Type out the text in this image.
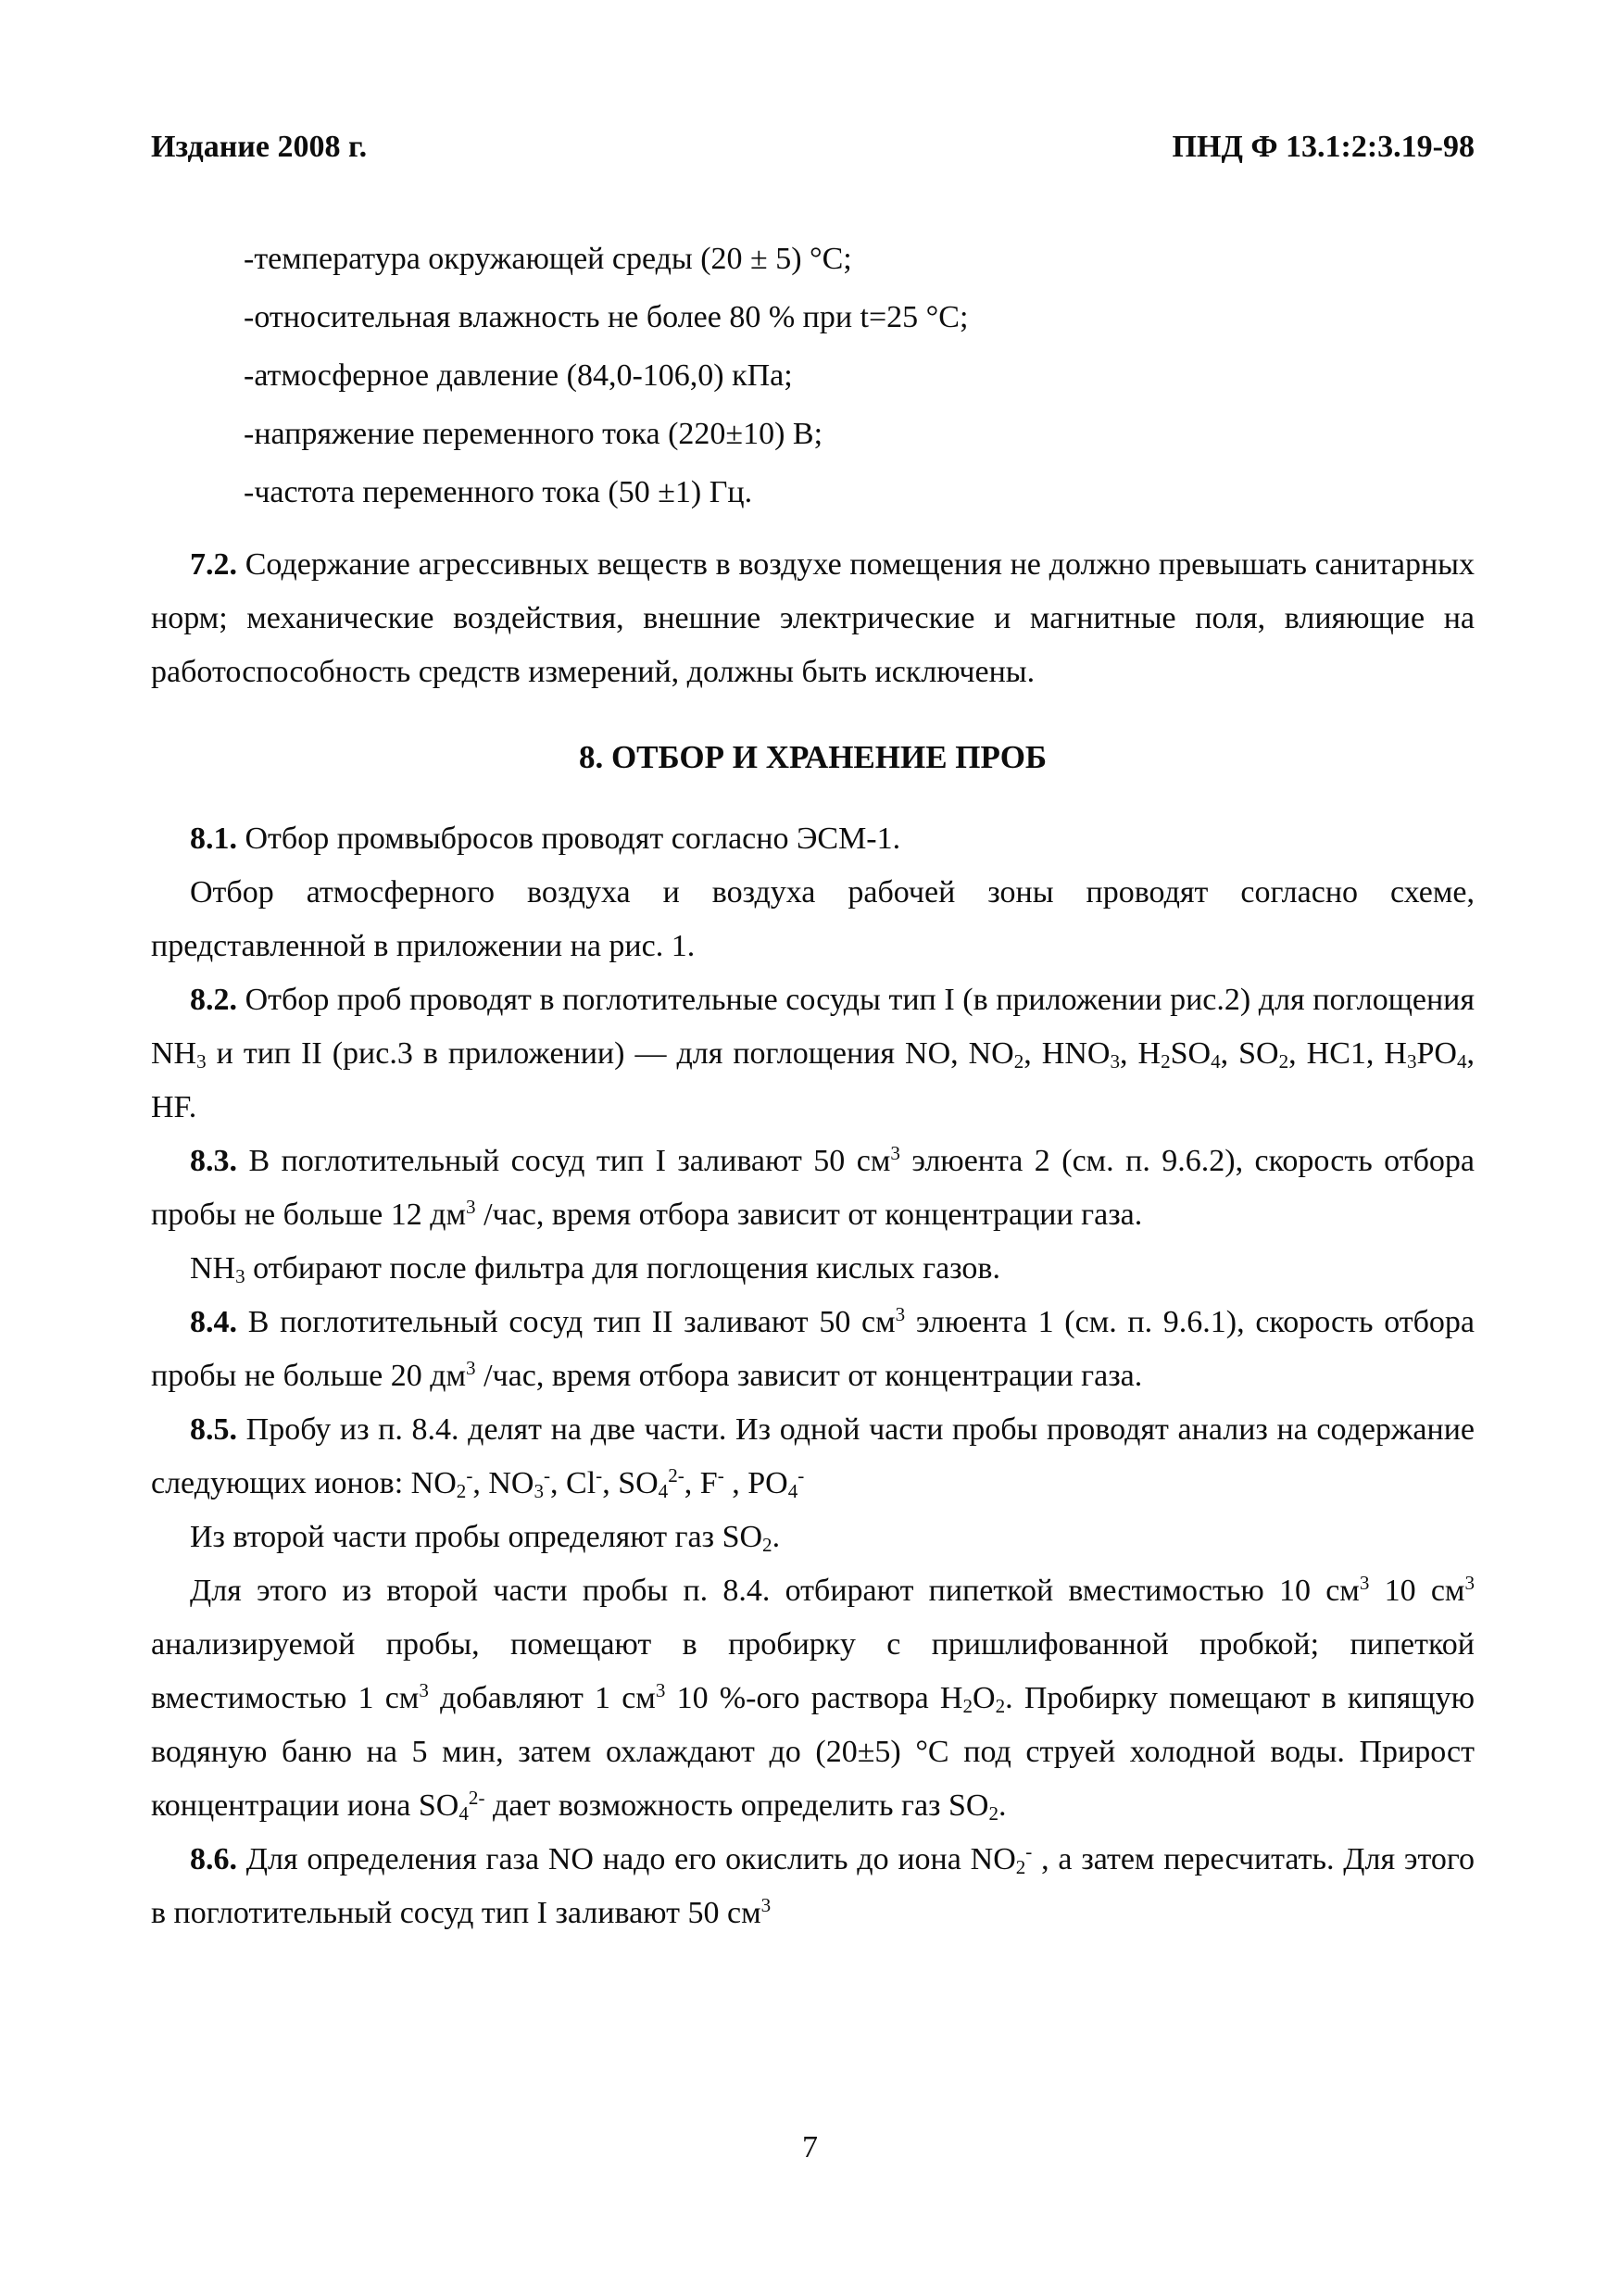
Издание 2008 г.	ПНД Ф 13.1:2:3.19-98

-температура окружающей среды (20 ± 5) °С;

-относительная влажность не более 80 % при t=25 °С;

-атмосферное давление (84,0-106,0) кПа;

-напряжение переменного тока (220±10) В;

-частота переменного тока (50 ±1) Гц.

7.2. Содержание агрессивных веществ в воздухе помещения не должно превышать санитарных норм; механические воздействия, внешние электрические и магнитные поля, влияющие на работоспособность средств измерений, должны быть исключены.

8. ОТБОР И ХРАНЕНИЕ ПРОБ

8.1. Отбор промвыбросов проводят согласно ЭСМ-1.

Отбор атмосферного воздуха и воздуха рабочей зоны проводят согласно схеме, представленной в приложении на рис. 1.

8.2. Отбор проб проводят в поглотительные сосуды тип I (в приложении рис.2) для поглощения $NH_3$ и тип II (рис.3 в приложении) — для поглощения NO, $NO_2$, $HNO_3$, $H_2SO_4$, $SO_2$, HC1, $H_3PO_4$, HF.

8.3. В поглотительный сосуд тип I заливают 50 $см^3$ элюента 2 (см. п. 9.6.2), скорость отбора пробы не больше 12 $дм^3$ /час, время отбора зависит от концентрации газа.

$NH_3$ отбирают после фильтра для поглощения кислых газов.

8.4. В поглотительный сосуд тип II заливают 50 $см^3$ элюента 1 (см. п. 9.6.1), скорость отбора пробы не больше 20 $дм^3$ /час, время отбора зависит от концентрации газа.

8.5. Пробу из п. 8.4. делят на две части. Из одной части пробы проводят анализ на содержание следующих ионов: $NO_2^-$, $NO_3^-$, Cl-, $SO_4^{2-}$, F- , $PO_4^-$

Из второй части пробы определяют газ $SO_2$.

Для этого из второй части пробы п. 8.4. отбирают пипеткой вместимостью 10 $см^3$ 10 $см^3$ анализируемой пробы, помещают в пробирку с пришлифованной пробкой; пипеткой вместимостью 1 $см^3$ добавляют 1 $см^3$ 10 %-ого раствора $Н_2О_2$. Пробирку помещают в кипящую водяную баню на 5 мин, затем охлаждают до (20±5) °С под струей холодной воды. Прирост концентрации иона $SO_4^{2-}$ дает возможность определить газ $SO_2$.

8.6. Для определения газа NO надо его окислить до иона $NO_2^-$ , а затем пересчитать. Для этого в поглотительный сосуд тип I заливают 50 $см^3$

7
